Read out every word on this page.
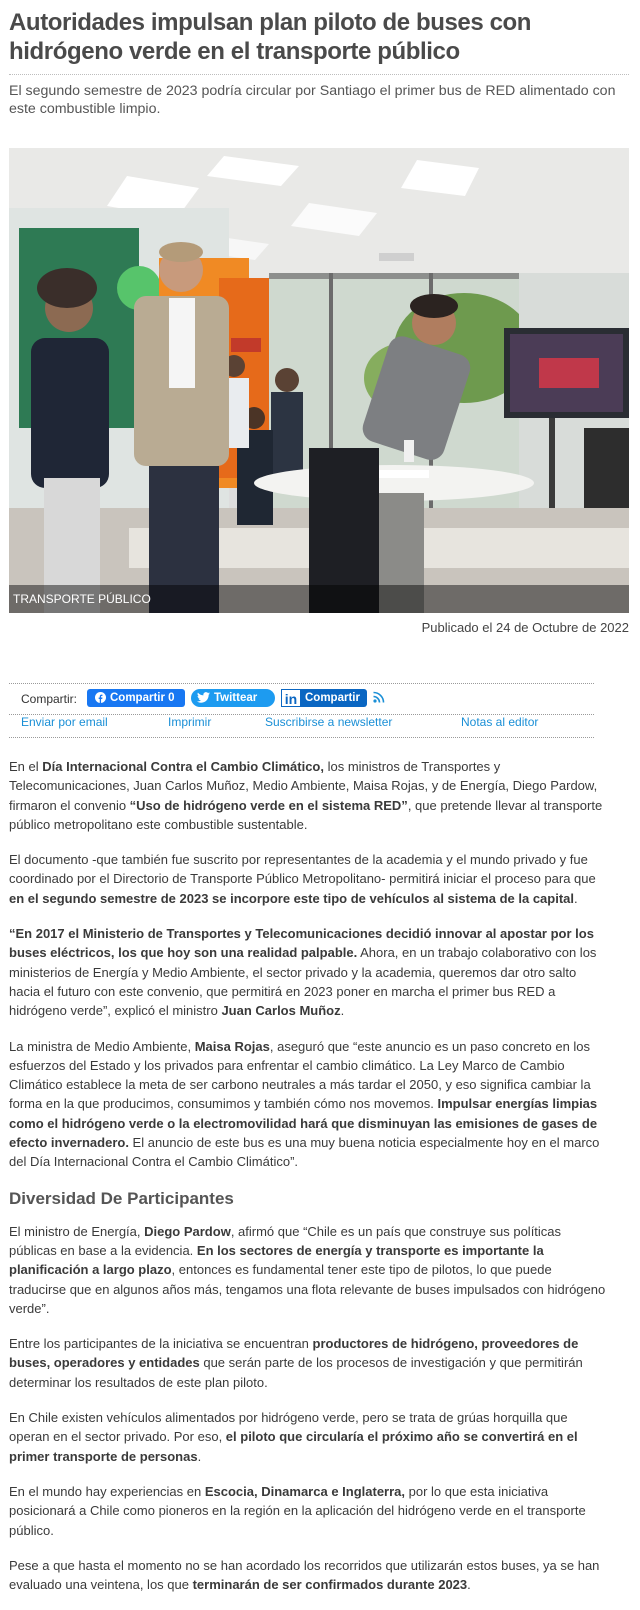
Autoridades impulsan plan piloto de buses con hidrógeno verde en el transporte público

El segundo semestre de 2023 podría circular por Santiago el primer bus de RED alimentado con este combustible limpio.

TRANSPORTE PÚBLICO
Publicado el 24 de Octubre de 2022
Compartir:	Compartir 0	Twittear	in Compartir
Enviar por email	Imprimir	Suscribirse a newsletter	Notas al editor

En el Día Internacional Contra el Cambio Climático, los ministros de Transportes y Telecomunicaciones, Juan Carlos Muñoz, Medio Ambiente, Maisa Rojas, y de Energía, Diego Pardow, firmaron el convenio “Uso de hidrógeno verde en el sistema RED”, que pretende llevar al transporte público metropolitano este combustible sustentable.

El documento -que también fue suscrito por representantes de la academia y el mundo privado y fue coordinado por el Directorio de Transporte Público Metropolitano- permitirá iniciar el proceso para que en el segundo semestre de 2023 se incorpore este tipo de vehículos al sistema de la capital.

“En 2017 el Ministerio de Transportes y Telecomunicaciones decidió innovar al apostar por los buses eléctricos, los que hoy son una realidad palpable. Ahora, en un trabajo colaborativo con los ministerios de Energía y Medio Ambiente, el sector privado y la academia, queremos dar otro salto hacia el futuro con este convenio, que permitirá en 2023 poner en marcha el primer bus RED a hidrógeno verde”, explicó el ministro Juan Carlos Muñoz.

La ministra de Medio Ambiente, Maisa Rojas, aseguró que “este anuncio es un paso concreto en los esfuerzos del Estado y los privados para enfrentar el cambio climático. La Ley Marco de Cambio Climático establece la meta de ser carbono neutrales a más tardar el 2050, y eso significa cambiar la forma en la que producimos, consumimos y también cómo nos movemos. Impulsar energías limpias como el hidrógeno verde o la electromovilidad hará que disminuyan las emisiones de gases de efecto invernadero. El anuncio de este bus es una muy buena noticia especialmente hoy en el marco del Día Internacional Contra el Cambio Climático”.

Diversidad De Participantes

El ministro de Energía, Diego Pardow, afirmó que “Chile es un país que construye sus políticas públicas en base a la evidencia. En los sectores de energía y transporte es importante la planificación a largo plazo, entonces es fundamental tener este tipo de pilotos, lo que puede traducirse que en algunos años más, tengamos una flota relevante de buses impulsados con hidrógeno verde”.

Entre los participantes de la iniciativa se encuentran productores de hidrógeno, proveedores de buses, operadores y entidades que serán parte de los procesos de investigación y que permitirán determinar los resultados de este plan piloto.

En Chile existen vehículos alimentados por hidrógeno verde, pero se trata de grúas horquilla que operan en el sector privado. Por eso, el piloto que circularía el próximo año se convertirá en el primer transporte de personas.

En el mundo hay experiencias en Escocia, Dinamarca e Inglaterra, por lo que esta iniciativa posicionará a Chile como pioneros en la región en la aplicación del hidrógeno verde en el transporte público.

Pese a que hasta el momento no se han acordado los recorridos que utilizarán estos buses, ya se han evaluado una veintena, los que terminarán de ser confirmados durante 2023.
